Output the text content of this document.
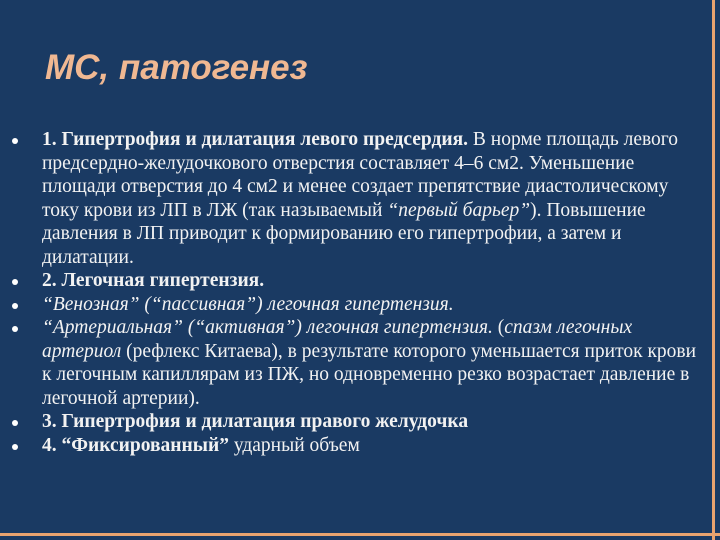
МС, патогенез
1. Гипертрофия и дилатация левого предсердия. В норме площадь левого предсердно-желудочкового отверстия составляет 4–6 см2. Уменьшение площади отверстия до 4 см2 и менее создает препятствие диастолическому току крови из ЛП в ЛЖ (так называемый “первый барьер”). Повышение давления в ЛП приводит к формированию его гипертрофии, а затем и дилатации.
2. Легочная гипертензия.
“Венозная” (“пассивная”) легочная гипертензия.
“Артериальная” (“активная”) легочная гипертензия. (спазм легочных артериол (рефлекс Китаева), в результате которого уменьшается приток крови к легочным капиллярам из ПЖ, но одновременно резко возрастает давление в легочной артерии).
3. Гипертрофия и дилатация правого желудочка
4. “Фиксированный” ударный объем
